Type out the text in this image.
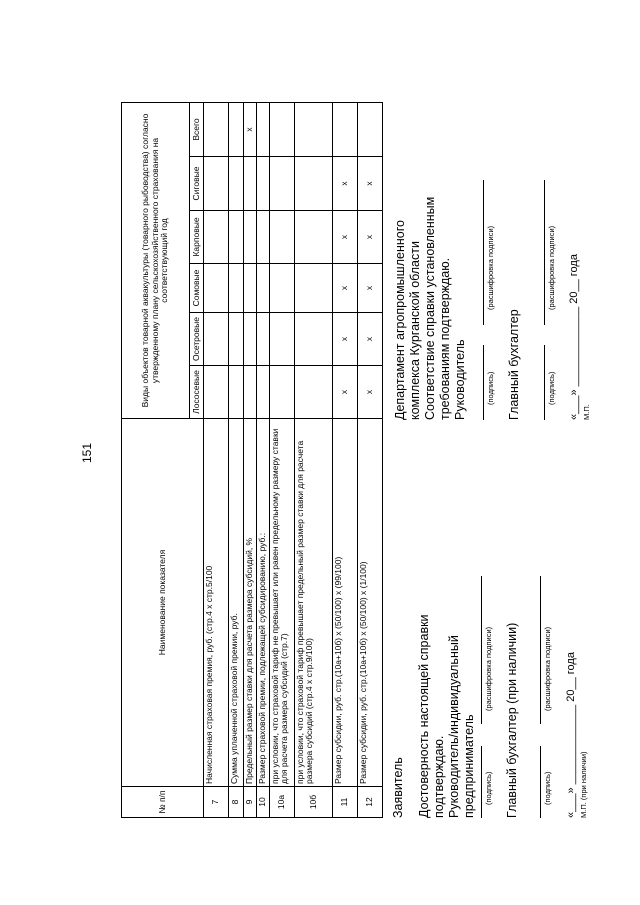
151
№ п/п	Наименование показателя	Виды объектов товарной аквакультуры (товарного рыбоводства) согласно утвержденному плану сельскохозяйственного страхования на соответствующий год					
		Лососевые	Осетровые	Сомовые	Карповые	Сиговые	Всего
7	Начисленная страховая премия, руб. (стр.4 х стр.5/100						
8	Сумма уплаченной страховой премии, руб.						
9	Предельный размер ставки для расчета размера субсидий, %						x
10	Размер страховой премии, подлежащей субсидированию, руб.:						
10а	при условии, что страховой тариф не превышает или равен предельному размеру ставки для расчета размера субсидий (стр.7)						
10б	при условии, что страховой тариф превышает предельный размер ставки для расчета размера субсидий (стр.4 х стр.9/100)						
11	Размер субсидии, руб. стр.(10а+10б) х (50/100) х (99/100)	x	x	x	x	x	
12	Размер субсидии, руб. стр.(10а+10б) х (50/100) х (1/100)	x	x	x	x	x	
Заявитель Достоверность настоящей справки подтверждаю. Руководитель/индивидуальный предприниматель (подпись)
(расшифровка подписи) Главный бухгалтер (при наличии)	(подпись)
(расшифровка подписи) «___» _____________ 20__ года М.П. (при наличии)
Департамент агропромышленного комплекса Курганской области Соответствие справки установленным требованиям подтверждаю. Руководитель	(подпись)
(расшифровка подписи)
Главный бухгалтер	(подпись)
(расшифровка подписи) «___» _____________ 20__ года М.П.
